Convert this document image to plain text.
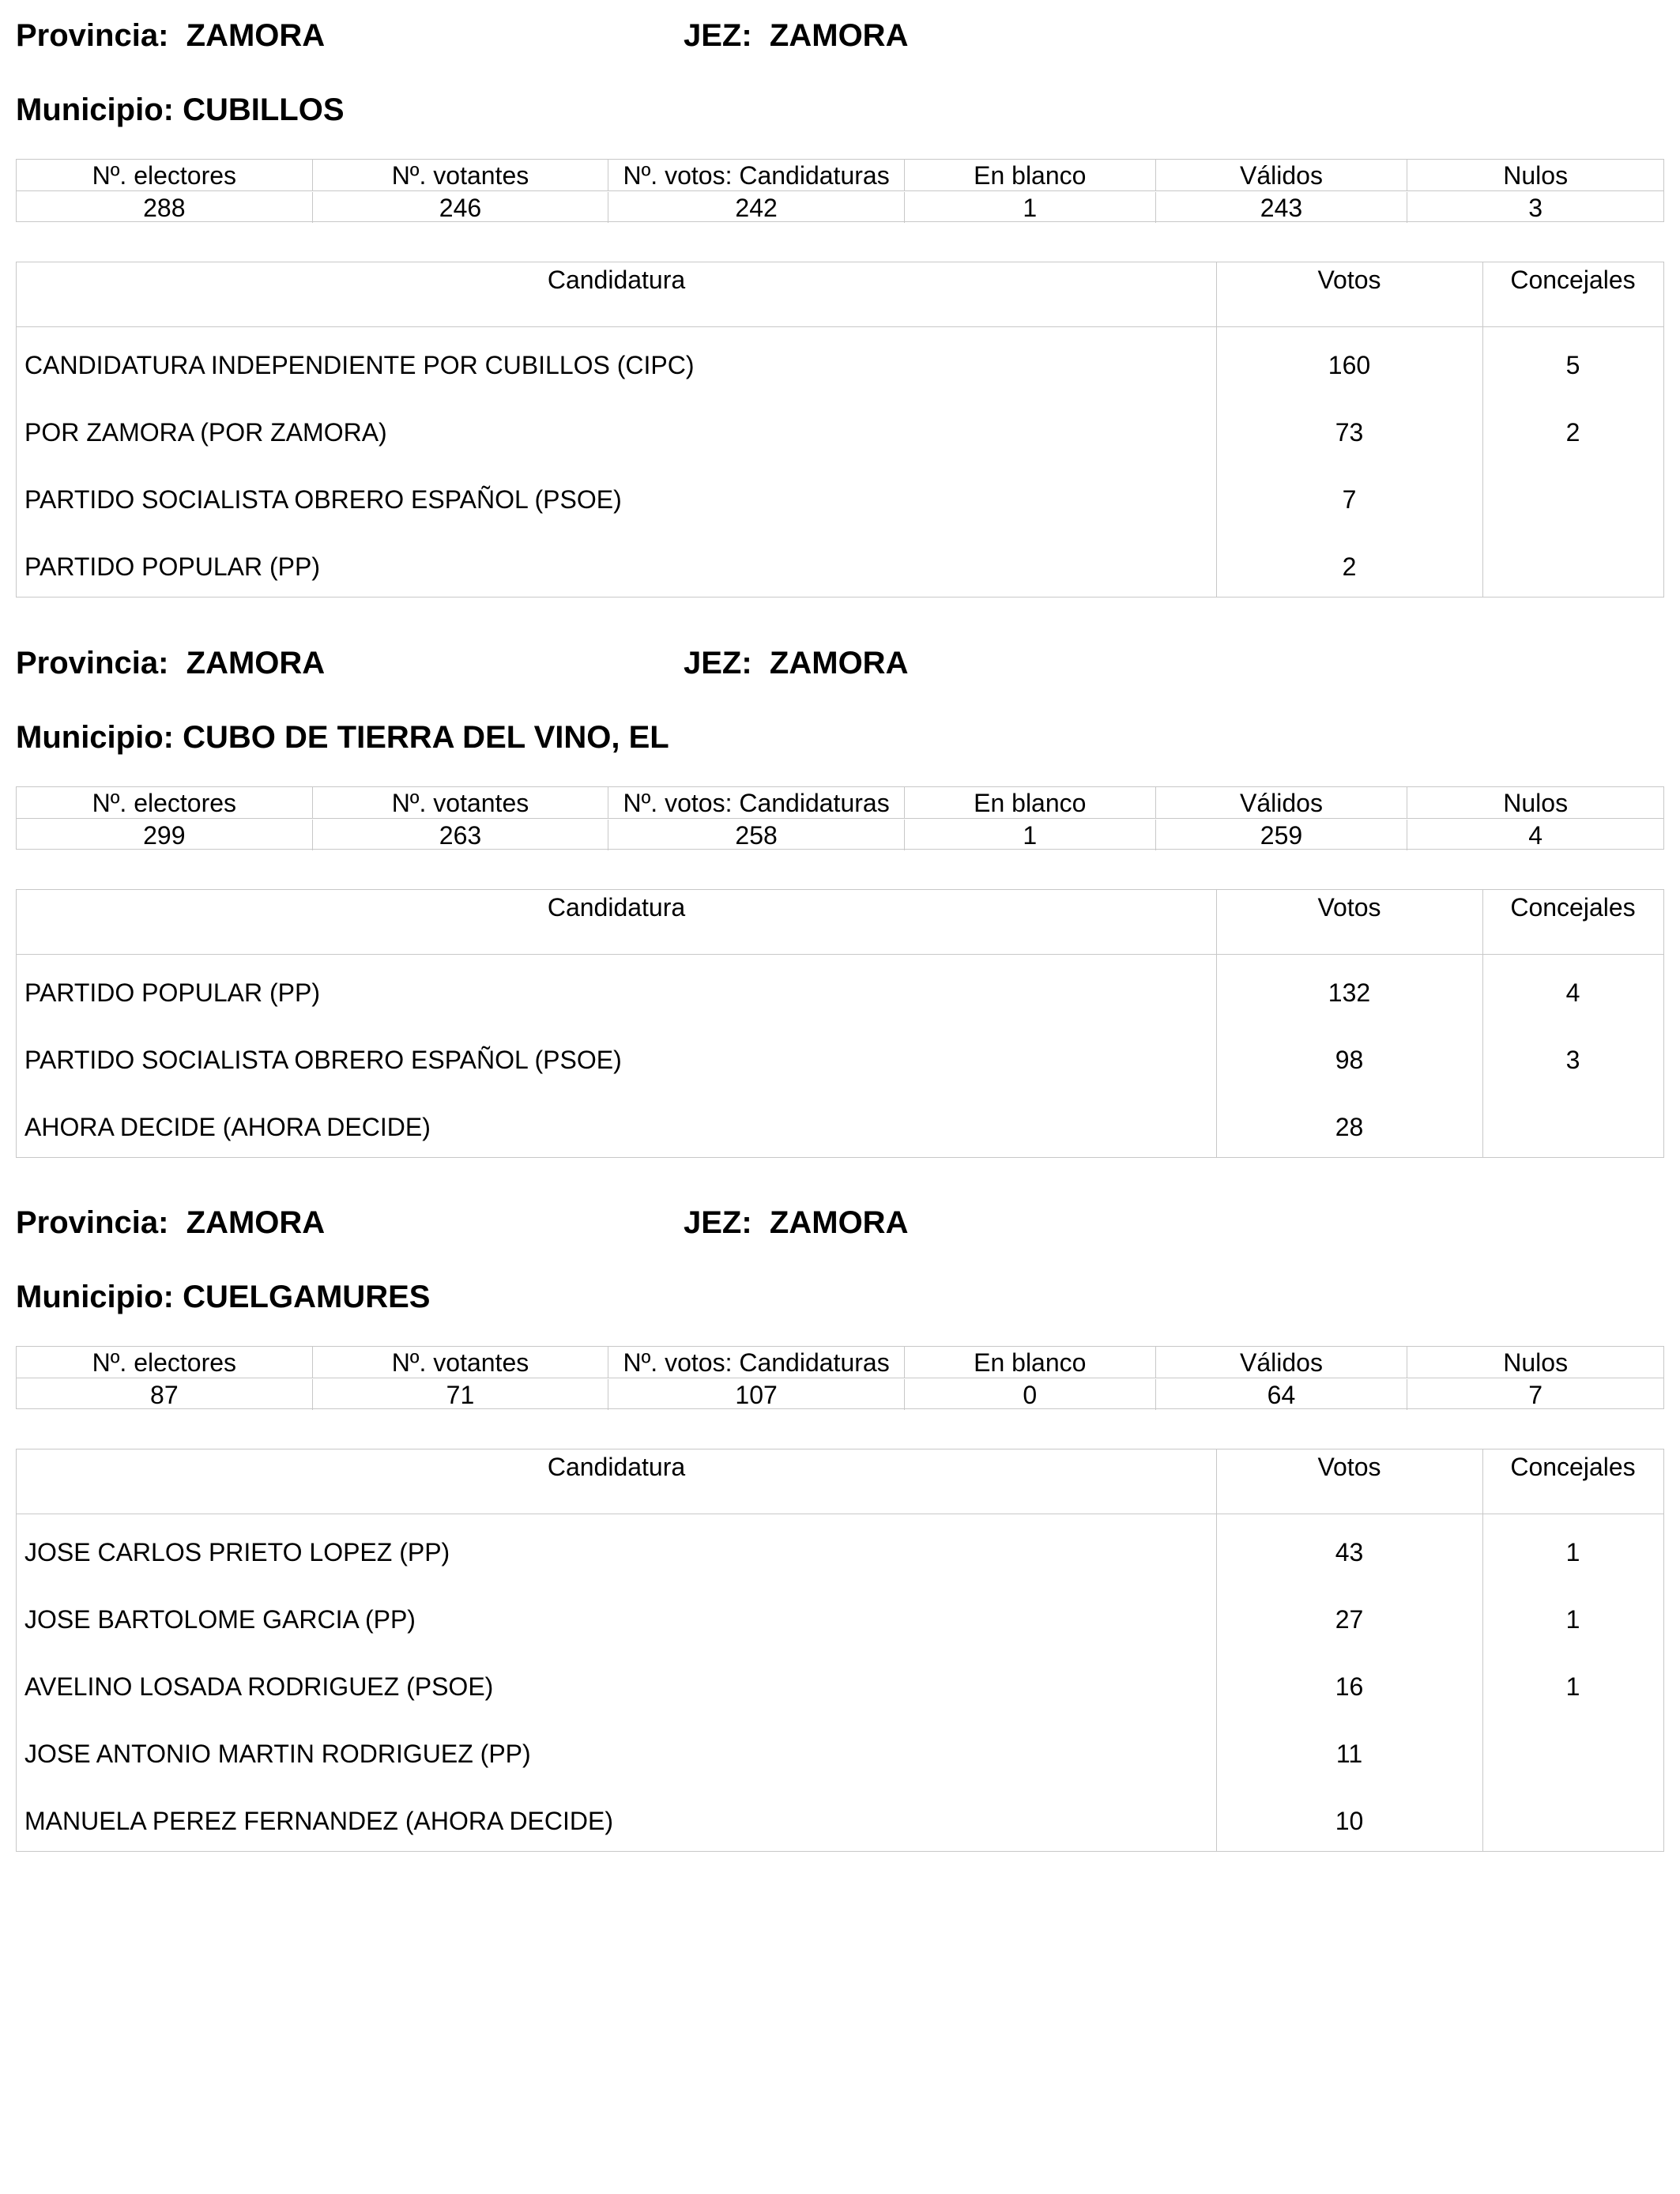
Provincia: ZAMORA	JEZ: ZAMORA
Municipio: CUBILLOS
Nº. electores	Nº. votantes	Nº. votos: Candidaturas	En blanco	Válidos	Nulos
288	246	242	1	243	3
Candidatura	Votos	Concejales
CANDIDATURA INDEPENDIENTE POR CUBILLOS (CIPC)	160	5
POR ZAMORA (POR ZAMORA)	73	2
PARTIDO SOCIALISTA OBRERO ESPAÑOL (PSOE)	7
PARTIDO POPULAR (PP)	2
Provincia: ZAMORA	JEZ: ZAMORA
Municipio: CUBO DE TIERRA DEL VINO, EL
Nº. electores	Nº. votantes	Nº. votos: Candidaturas	En blanco	Válidos	Nulos
299	263	258	1	259	4
Candidatura	Votos	Concejales
PARTIDO POPULAR (PP)	132	4
PARTIDO SOCIALISTA OBRERO ESPAÑOL (PSOE)	98	3
AHORA DECIDE (AHORA DECIDE)	28
Provincia: ZAMORA	JEZ: ZAMORA
Municipio: CUELGAMURES
Nº. electores	Nº. votantes	Nº. votos: Candidaturas	En blanco	Válidos	Nulos
87	71	107	0	64	7
Candidatura	Votos	Concejales
JOSE CARLOS PRIETO LOPEZ (PP)	43	1
JOSE BARTOLOME GARCIA (PP)	27	1
AVELINO LOSADA RODRIGUEZ (PSOE)	16	1
JOSE ANTONIO MARTIN RODRIGUEZ (PP)	11
MANUELA PEREZ FERNANDEZ (AHORA DECIDE)	10
